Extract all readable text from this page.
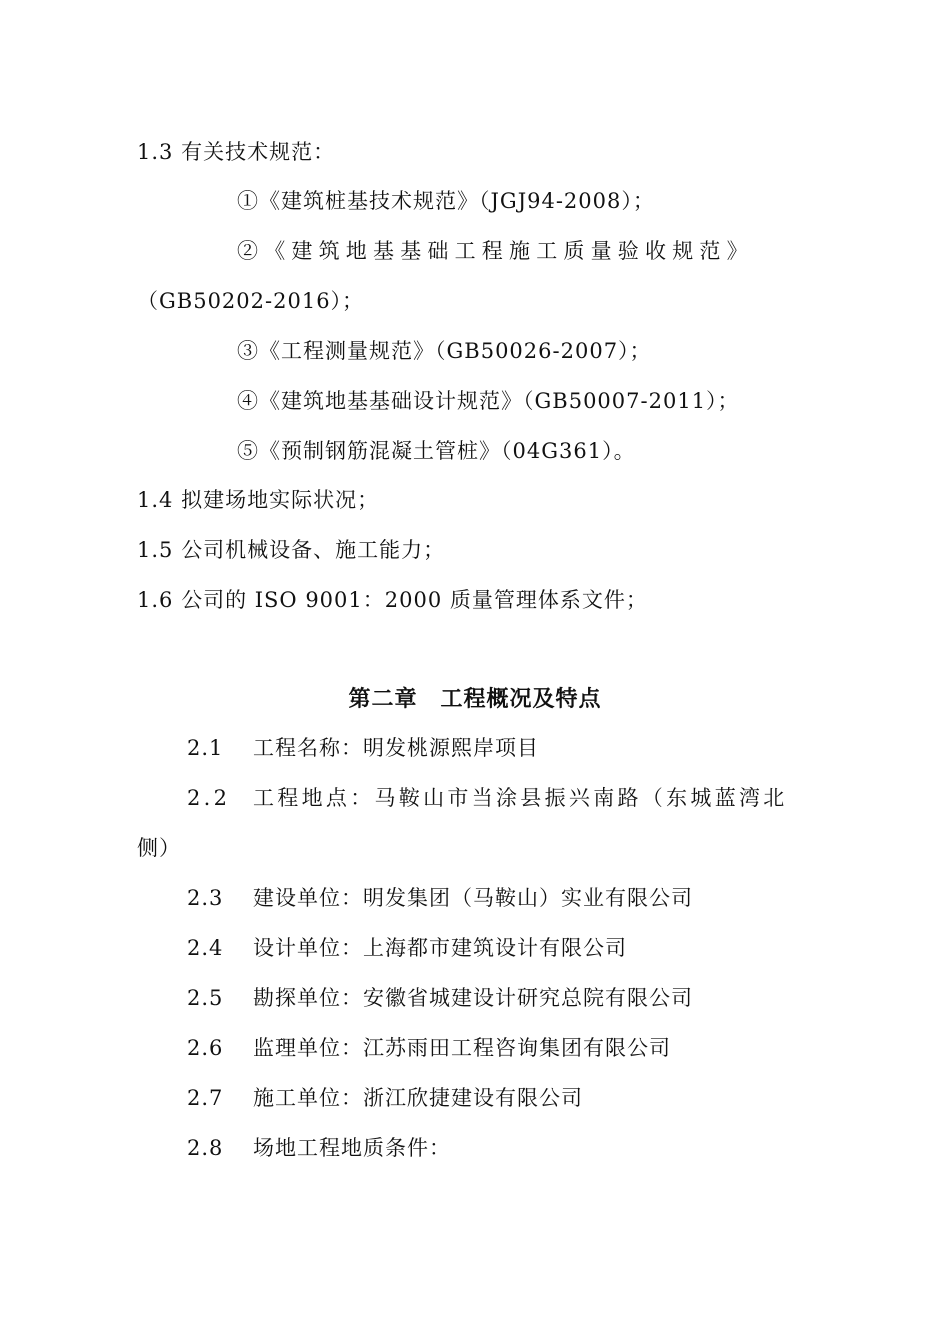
1.3 有关技术规范：
①《建筑桩基技术规范》（JGJ94-2008）；
②《建筑地基基础工程施工质量验收规范》
（GB50202-2016）；
③《工程测量规范》（GB50026-2007）；
④《建筑地基基础设计规范》（GB50007-2011）；
⑤《预制钢筋混凝土管桩》（04G361）。
1.4 拟建场地实际状况；
1.5 公司机械设备、施工能力；
1.6 公司的 ISO 9001：2000 质量管理体系文件；
第二章　工程概况及特点
2.1 工程名称：明发桃源熙岸项目
2.2 工程地点：马鞍山市当涂县振兴南路（东城蓝湾北
侧）
2.3 建设单位：明发集团（马鞍山）实业有限公司
2.4 设计单位：上海都市建筑设计有限公司
2.5 勘探单位：安徽省城建设计研究总院有限公司
2.6 监理单位：江苏雨田工程咨询集团有限公司
2.7 施工单位：浙江欣捷建设有限公司
2.8 场地工程地质条件：
